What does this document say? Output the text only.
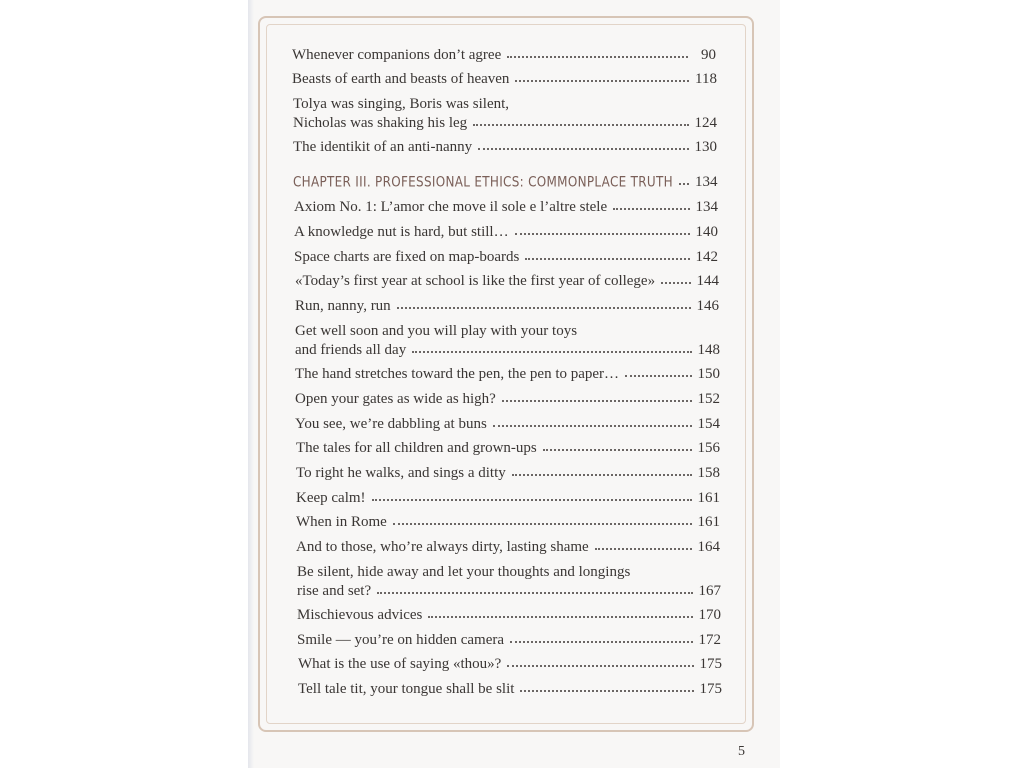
Whenever companions don’t agree	90
Beasts of earth and beasts of heaven	118
Tolya was singing, Boris was silent,
Nicholas was shaking his leg	124
The identikit of an anti-nanny	130
CHAPTER III. PROFESSIONAL ETHICS: COMMONPLACE TRUTH 134
Axiom No. 1: L’amor che move il sole e l’altre stele	134
A knowledge nut is hard, but still…	140
Space charts are fixed on map-boards	142
«Today’s first year at school is like the first year of college»	144
Run, nanny, run	146
Get well soon and you will play with your toys
and friends all day	148
The hand stretches toward the pen, the pen to paper…	150
Open your gates as wide as high?	152
You see, we’re dabbling at buns	154
The tales for all children and grown-ups	156
To right he walks, and sings a ditty	158
Keep calm!	161
When in Rome	161
And to those, who’re always dirty, lasting shame	164
Be silent, hide away and let your thoughts and longings
rise and set?	167
Mischievous advices	170
Smile — you’re on hidden camera	172
What is the use of saying «thou»?	175
Tell tale tit, your tongue shall be slit	175
5
